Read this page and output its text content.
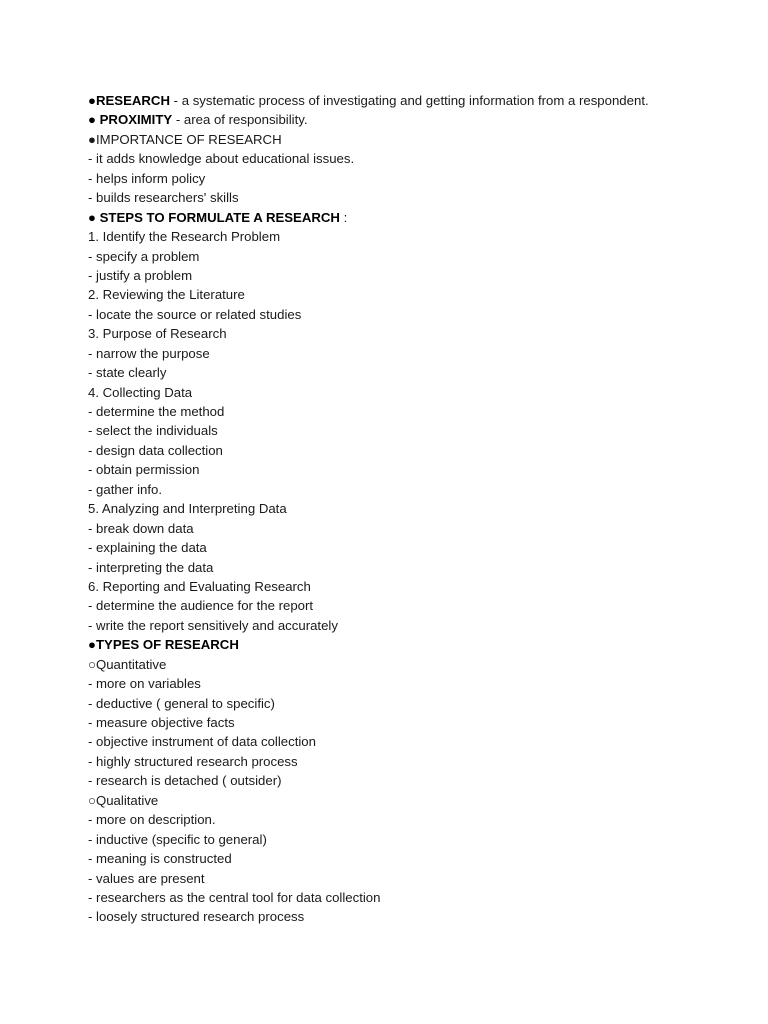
●RESEARCH - a systematic process of investigating and getting information from a respondent.
● PROXIMITY - area of responsibility.
●IMPORTANCE OF RESEARCH
- it adds knowledge about educational issues.
- helps inform policy
- builds researchers' skills
● STEPS TO FORMULATE A RESEARCH :
1. Identify the Research Problem
- specify a problem
- justify a problem
2. Reviewing the Literature
- locate the source or related studies
3. Purpose of Research
- narrow the purpose
- state clearly
4. Collecting Data
- determine the method
- select the individuals
- design data collection
- obtain permission
- gather info.
5. Analyzing and Interpreting Data
- break down data
- explaining the data
- interpreting the data
6. Reporting and Evaluating Research
- determine the audience for the report
- write the report sensitively and accurately
●TYPES OF RESEARCH
○Quantitative
- more on variables
- deductive ( general to specific)
- measure objective facts
- objective instrument of data collection
- highly structured research process
- research is detached ( outsider)
○Qualitative
- more on description.
- inductive (specific to general)
- meaning is constructed
- values are present
- researchers as the central tool for data collection
- loosely structured research process
